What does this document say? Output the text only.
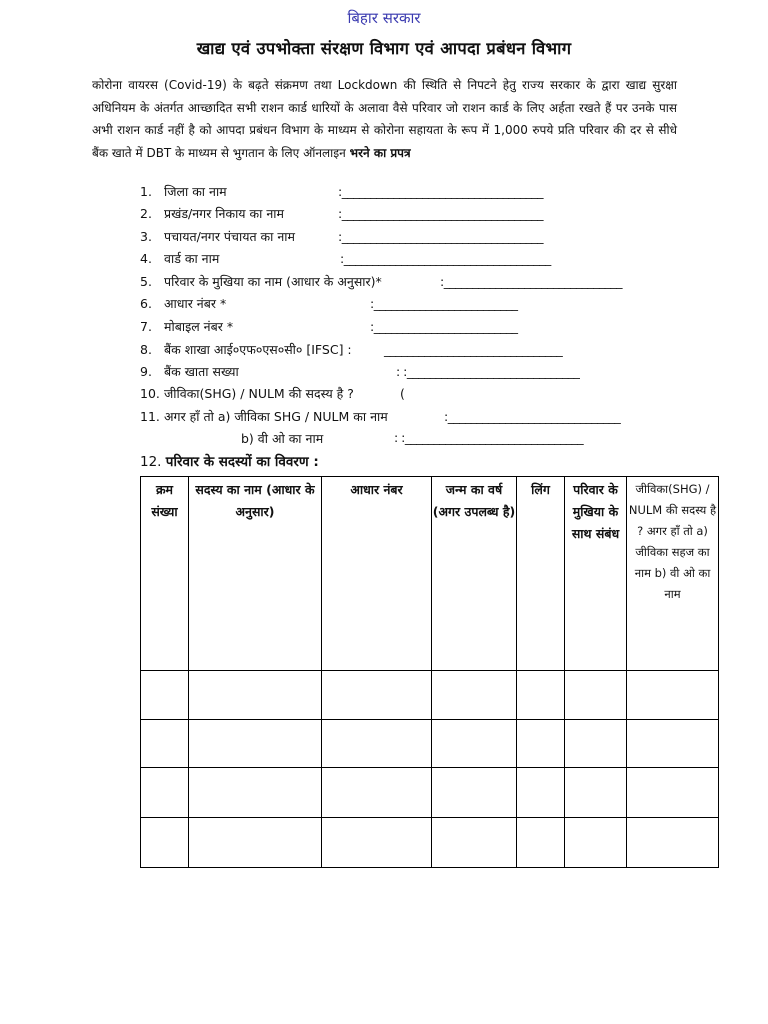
बिहार सरकार
खाद्य एवं उपभोक्ता संरक्षण विभाग एवं आपदा प्रबंधन विभाग
कोरोना वायरस (Covid-19) के बढ़ते संक्रमण तथा Lockdown की स्थिति से निपटने हेतु राज्य सरकार के द्वारा खाद्य सुरक्षा अधिनियम के अंतर्गत आच्छादित सभी राशन कार्ड धारियों के अलावा वैसे परिवार जो राशन कार्ड के लिए अर्हता रखते हैं पर उनके पास अभी राशन कार्ड नहीं है को आपदा प्रबंधन विभाग के माध्यम से कोरोना सहायता के रूप में 1,000 रुपये प्रति परिवार की दर से सीधे बैंक खाते में DBT के माध्यम से भुगतान के लिए ऑनलाइन भरने का प्रपत्र
1. जिला का नाम	:___________________________________
2. प्रखंड/नगर निकाय का नाम	:___________________________________
3. पचायत/नगर पंचायत का नाम	:___________________________________
4. वार्ड का नाम	:____________________________________
5. परिवार के मुखिया का नाम (आधार के अनुसार)*	:_______________________________
6. आधार नंबर *	:_________________________
7. मोबाइल नंबर *	:_________________________
8. बैंक शाखा आई०एफ०एस०सी० [IFSC] :	_______________________________
9. बैंक खाता सख्या	: :______________________________
10. जीविका(SHG) / NULM की सदस्य है ?	(
11. अगर हाँ तो a) जीविका SHG / NULM का नाम	:______________________________
b) वी ओ का नाम	: :_______________________________
12. परिवार के सदस्यों का विवरण :
क्रम संख्या	सदस्य का नाम (आधार के अनुसार)	आधार नंबर	जन्म का वर्ष (अगर उपलब्ध है)	लिंग	परिवार के मुखिया के साथ संबंध	जीविका(SHG) / NULM की सदस्य है ? अगर हाँ तो a) जीविका सहज का नाम b) वी ओ का नाम
